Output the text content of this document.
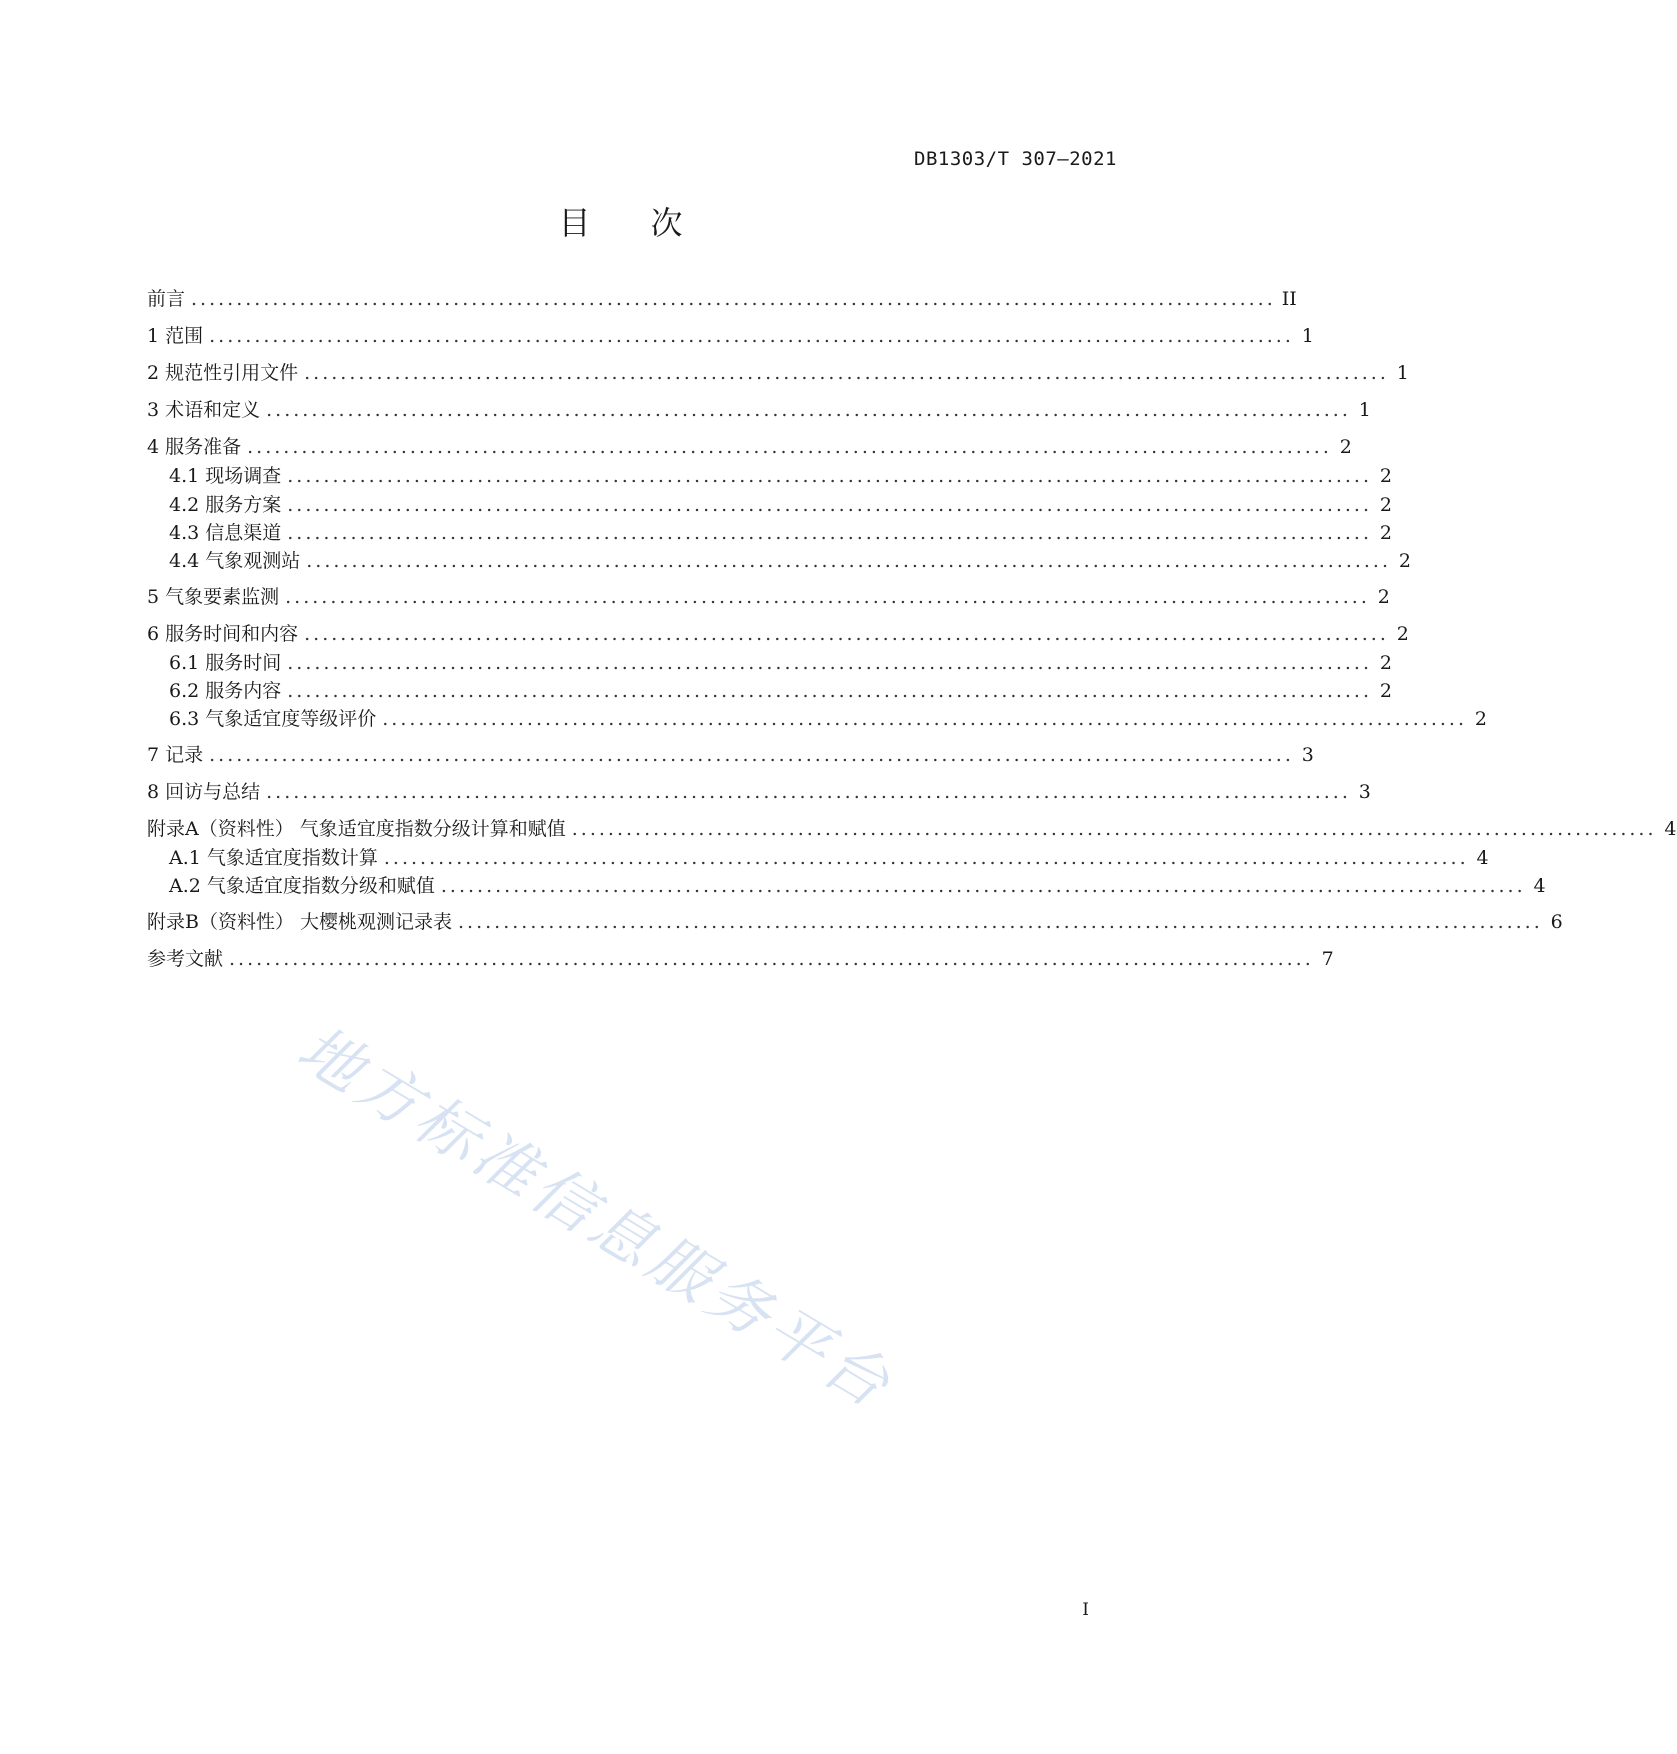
DB1303/T 307—2021
目次
前言 ........................................................................................................................ II
1 范围 ........................................................................................................................ 1
2 规范性引用文件 ........................................................................................................................ 1
3 术语和定义 ........................................................................................................................ 1
4 服务准备 ........................................................................................................................ 2
4.1 现场调查 ........................................................................................................................ 2
4.2 服务方案 ........................................................................................................................ 2
4.3 信息渠道 ........................................................................................................................ 2
4.4 气象观测站 ........................................................................................................................ 2
5 气象要素监测 ........................................................................................................................ 2
6 服务时间和内容 ........................................................................................................................ 2
6.1 服务时间 ........................................................................................................................ 2
6.2 服务内容 ........................................................................................................................ 2
6.3 气象适宜度等级评价 ........................................................................................................................ 2
7 记录 ........................................................................................................................ 3
8 回访与总结 ........................................................................................................................ 3
附录A（资料性） 气象适宜度指数分级计算和赋值 ........................................................................................................................ 4
A.1 气象适宜度指数计算 ........................................................................................................................ 4
A.2 气象适宜度指数分级和赋值 ........................................................................................................................ 4
附录B（资料性） 大樱桃观测记录表 ........................................................................................................................ 6
参考文献 ........................................................................................................................ 7
地方标准信息服务平台
I
